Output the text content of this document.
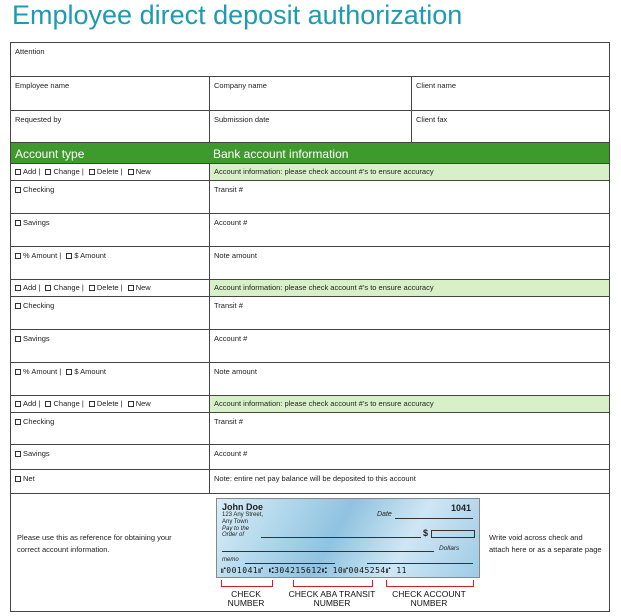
Employee direct deposit authorization
Attention
Employee name	Company name	Client name
Requested by	Submission date	Client fax
Account type	Bank account information
Add | Change | Delete | New	Account information: please check account #’s to ensure accuracy
Checking	Transit #
Savings	Account #
% Amount | $ Amount	Note amount
Add | Change | Delete | New	Account information: please check account #’s to ensure accuracy
Checking	Transit #
Savings	Account #
% Amount | $ Amount	Note amount
Add | Change | Delete | New	Account information: please check account #’s to ensure accuracy
Checking	Transit #
Savings	Account #
Net	Note: entire net pay balance will be deposited to this account
Please use this as reference for obtaining your correct account information.
Write void across check and attach here or as a separate page
John Doe
123 Any Street,
Any Town
1041
Date
Pay to the Order of	$
Dollars
memo
⑈001041⑈ ⑆304215612⑆ 10⑈0045254⑈ 11
CHECK NUMBER
CHECK ABA TRANSIT NUMBER
CHECK ACCOUNT NUMBER
